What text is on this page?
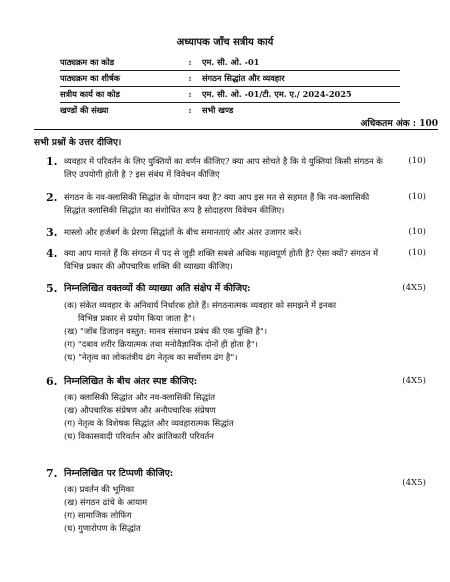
अध्यापक जाँच सत्रीय कार्य
पाठ्यक्रम का कोड	:	एम. सी. ओ. -01
पाठ्यक्रम का शीर्षक	:	संगठन सिद्धांत और व्यवहार
सत्रीय कार्य का कोड	:	एम. सी. ओ. -01/टी. एम. ए./ 2024-2025
खण्डों की संख्या	:	सभी खण्ड
अधिकतम अंक : 100
सभी प्रश्नों के उत्तर दीजिए।
1. व्यवहार में परिवर्तन के लिए युक्तियों का वर्णन कीजिए? क्या आप सोचते है कि ये युक्तियां किसी संगठन के लिए उपयोगी होती है ? इस संबंध में विवेचन कीजिए
(10)
2. संगठन के नव-क्लासिकी सिद्धांत के योगदान क्या है? क्या आप इस मत से सहमत हैं कि नव-क्लासिकी सिद्धांत क्लासिकी सिद्धांत का संशोधित रूप है सोदाहरण विवेचन कीजिए।
(10)
3. मास्लो और हर्जबर्ग के प्रेरणा सिद्धांतों के बीच समानताएं और अंतर उजागर करें।	(10)
4. क्या आप मानते हैं कि संगठन में पद से जुड़ी शक्ति सबसे अधिक महत्वपूर्ण होती है? ऐसा क्यों? संगठन में विभिन्न प्रकार की औपचारिक शक्ति की व्याख्या कीजिए।
(10)
5. निम्नलिखित वक्तव्यों की व्याख्या अति संक्षेप में कीजिए:	(4X5)
(क) संकेत व्यवहार के अनिवार्य निर्धारक होते हैं। संगठनात्मक व्यवहार को समझने में इनका
विभिन्न प्रकार से प्रयोग किया जाता है"।
(ख) "जॉब डिजाइन वस्तुत: मानव संसाधन प्रबंध की एक युक्ति है"।
(ग) "दबाव शरीर क्रियात्मक तथा मनोवैज्ञानिक दोनों ही होता है"।
(घ) "नेतृत्व का लोकतंत्रीय ढंग नेतृत्व का सर्वोत्तम ढंग है"।
6. निम्नलिखित के बीच अंतर स्पष्ट कीजिए:	(4X5)
(क) क्लासिकी सिद्धांत और नव-क्लासिकी सिद्धांत
(ख) औपचारिक संप्रेषण और अनौपचारिक संप्रेषण
(ग) नेतृत्व के विशेषक सिद्धांत और व्यवहारात्मक सिद्धांत
(घ) विकासवादी परिवर्तन और क्रांतिकारी परिवर्तन
7. निम्नलिखित पर टिप्पणी कीजिए:
(4X5)
(क) प्रवर्तन की भूमिका
(ख) संगठन ढांचे के आयाम
(ग) सामाजिक लोफिंग
(घ) गुणारोपण के सिद्धांत
